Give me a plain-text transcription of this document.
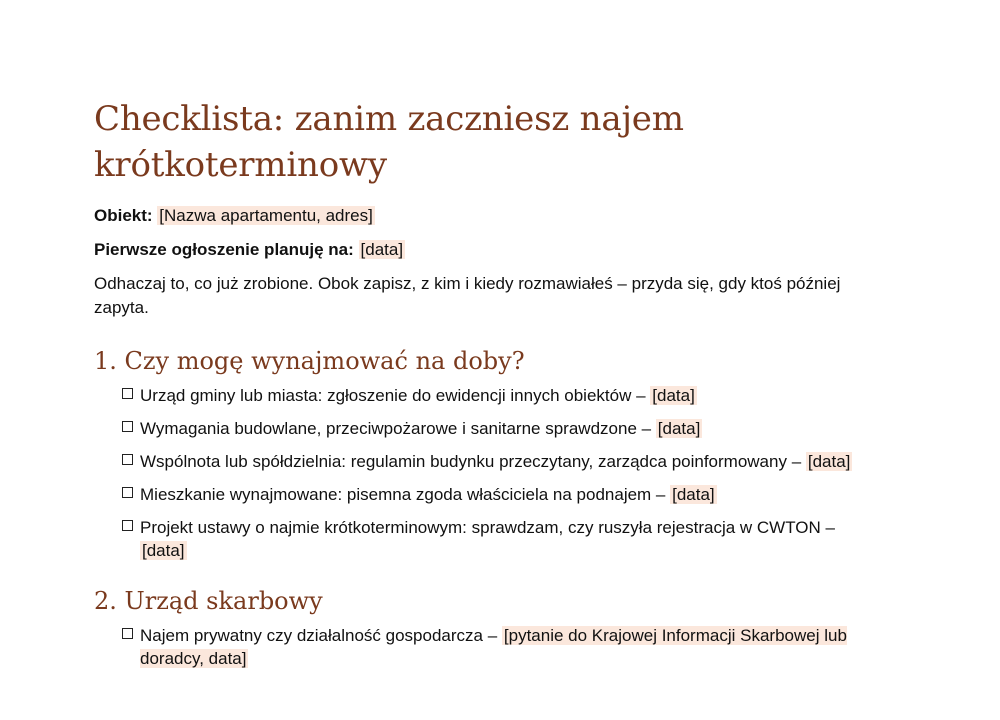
Checklista: zanim zaczniesz najem krótkoterminowy

Obiekt: [Nazwa apartamentu, adres]

Pierwsze ogłoszenie planuję na: [data]

Odhaczaj to, co już zrobione. Obok zapisz, z kim i kiedy rozmawiałeś – przyda się, gdy ktoś później zapyta.

1. Czy mogę wynajmować na doby?
Urząd gminy lub miasta: zgłoszenie do ewidencji innych obiektów – [data]
Wymagania budowlane, przeciwpożarowe i sanitarne sprawdzone – [data]
Wspólnota lub spółdzielnia: regulamin budynku przeczytany, zarządca poinformowany – [data]
Mieszkanie wynajmowane: pisemna zgoda właściciela na podnajem – [data]
Projekt ustawy o najmie krótkoterminowym: sprawdzam, czy ruszyła rejestracja w CWTON – [data]
2. Urząd skarbowy
Najem prywatny czy działalność gospodarcza – [pytanie do Krajowej Informacji Skarbowej lub doradcy, data]
